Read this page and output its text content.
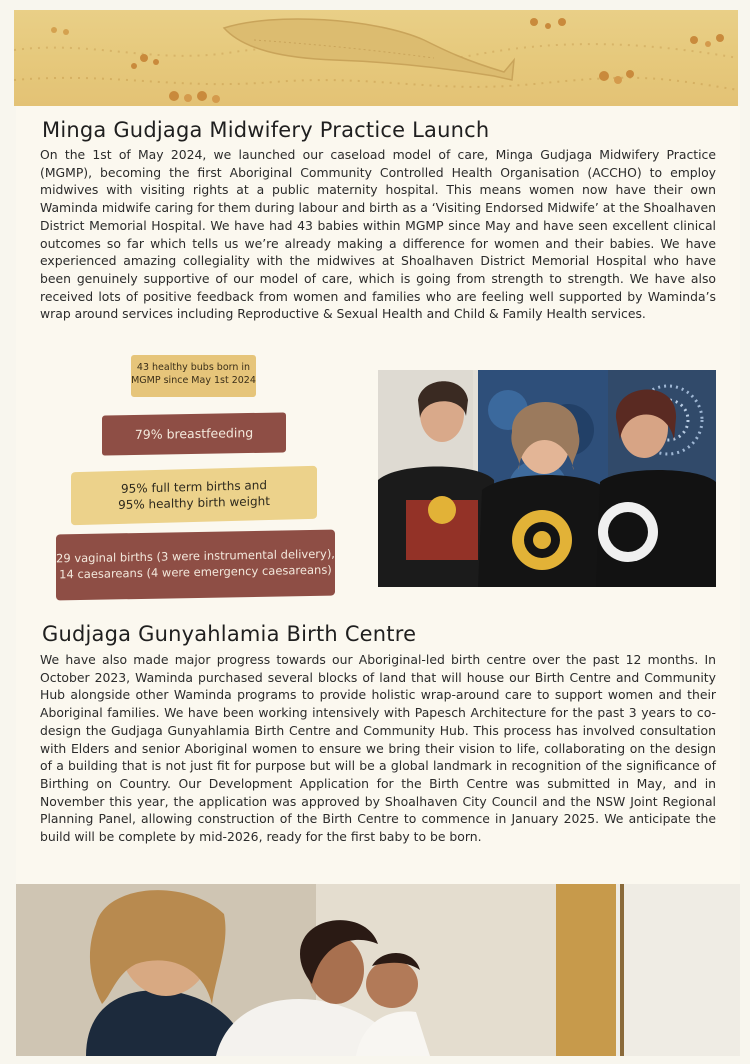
Minga Gudjaga Midwifery Practice Launch

On the 1st of May 2024, we launched our caseload model of care, Minga Gudjaga Midwifery Practice (MGMP), becoming the first Aboriginal Community Controlled Health Organisation (ACCHO) to employ midwives with visiting rights at a public maternity hospital. This means women now have their own Waminda midwife caring for them during labour and birth as a ‘Visiting Endorsed Midwife’ at the Shoalhaven District Memorial Hospital. We have had 43 babies within MGMP since May and have seen excellent clinical outcomes so far which tells us we’re already making a difference for women and their babies. We have experienced amazing collegiality with the midwives at Shoalhaven District Memorial Hospital who have been genuinely supportive of our model of care, which is going from strength to strength. We have also received lots of positive feedback from women and families who are feeling well supported by Waminda’s wrap around services including Reproductive & Sexual Health and Child & Family Health services.

43 healthy bubs born in
MGMP since May 1st 2024
79% breastfeeding
95% full term births and
95% healthy birth weight
29 vaginal births (3 were instrumental delivery),
14 caesareans (4 were emergency caesareans)
Gudjaga Gunyahlamia Birth Centre

We have also made major progress towards our Aboriginal-led birth centre over the past 12 months. In October 2023, Waminda purchased several blocks of land that will house our Birth Centre and Community Hub alongside other Waminda programs to provide holistic wrap-around care to support women and their Aboriginal families. We have been working intensively with Papesch Architecture for the past 3 years to co-design the Gudjaga Gunyahlamia Birth Centre and Community Hub. This process has involved consultation with Elders and senior Aboriginal women to ensure we bring their vision to life, collaborating on the design of a building that is not just fit for purpose but will be a global landmark in recognition of the significance of Birthing on Country. Our Development Application for the Birth Centre was submitted in May, and in November this year, the application was approved by Shoalhaven City Council and the NSW Joint Regional Planning Panel, allowing construction of the Birth Centre to commence in January 2025. We anticipate the build will be complete by mid-2026, ready for the first baby to be born.
